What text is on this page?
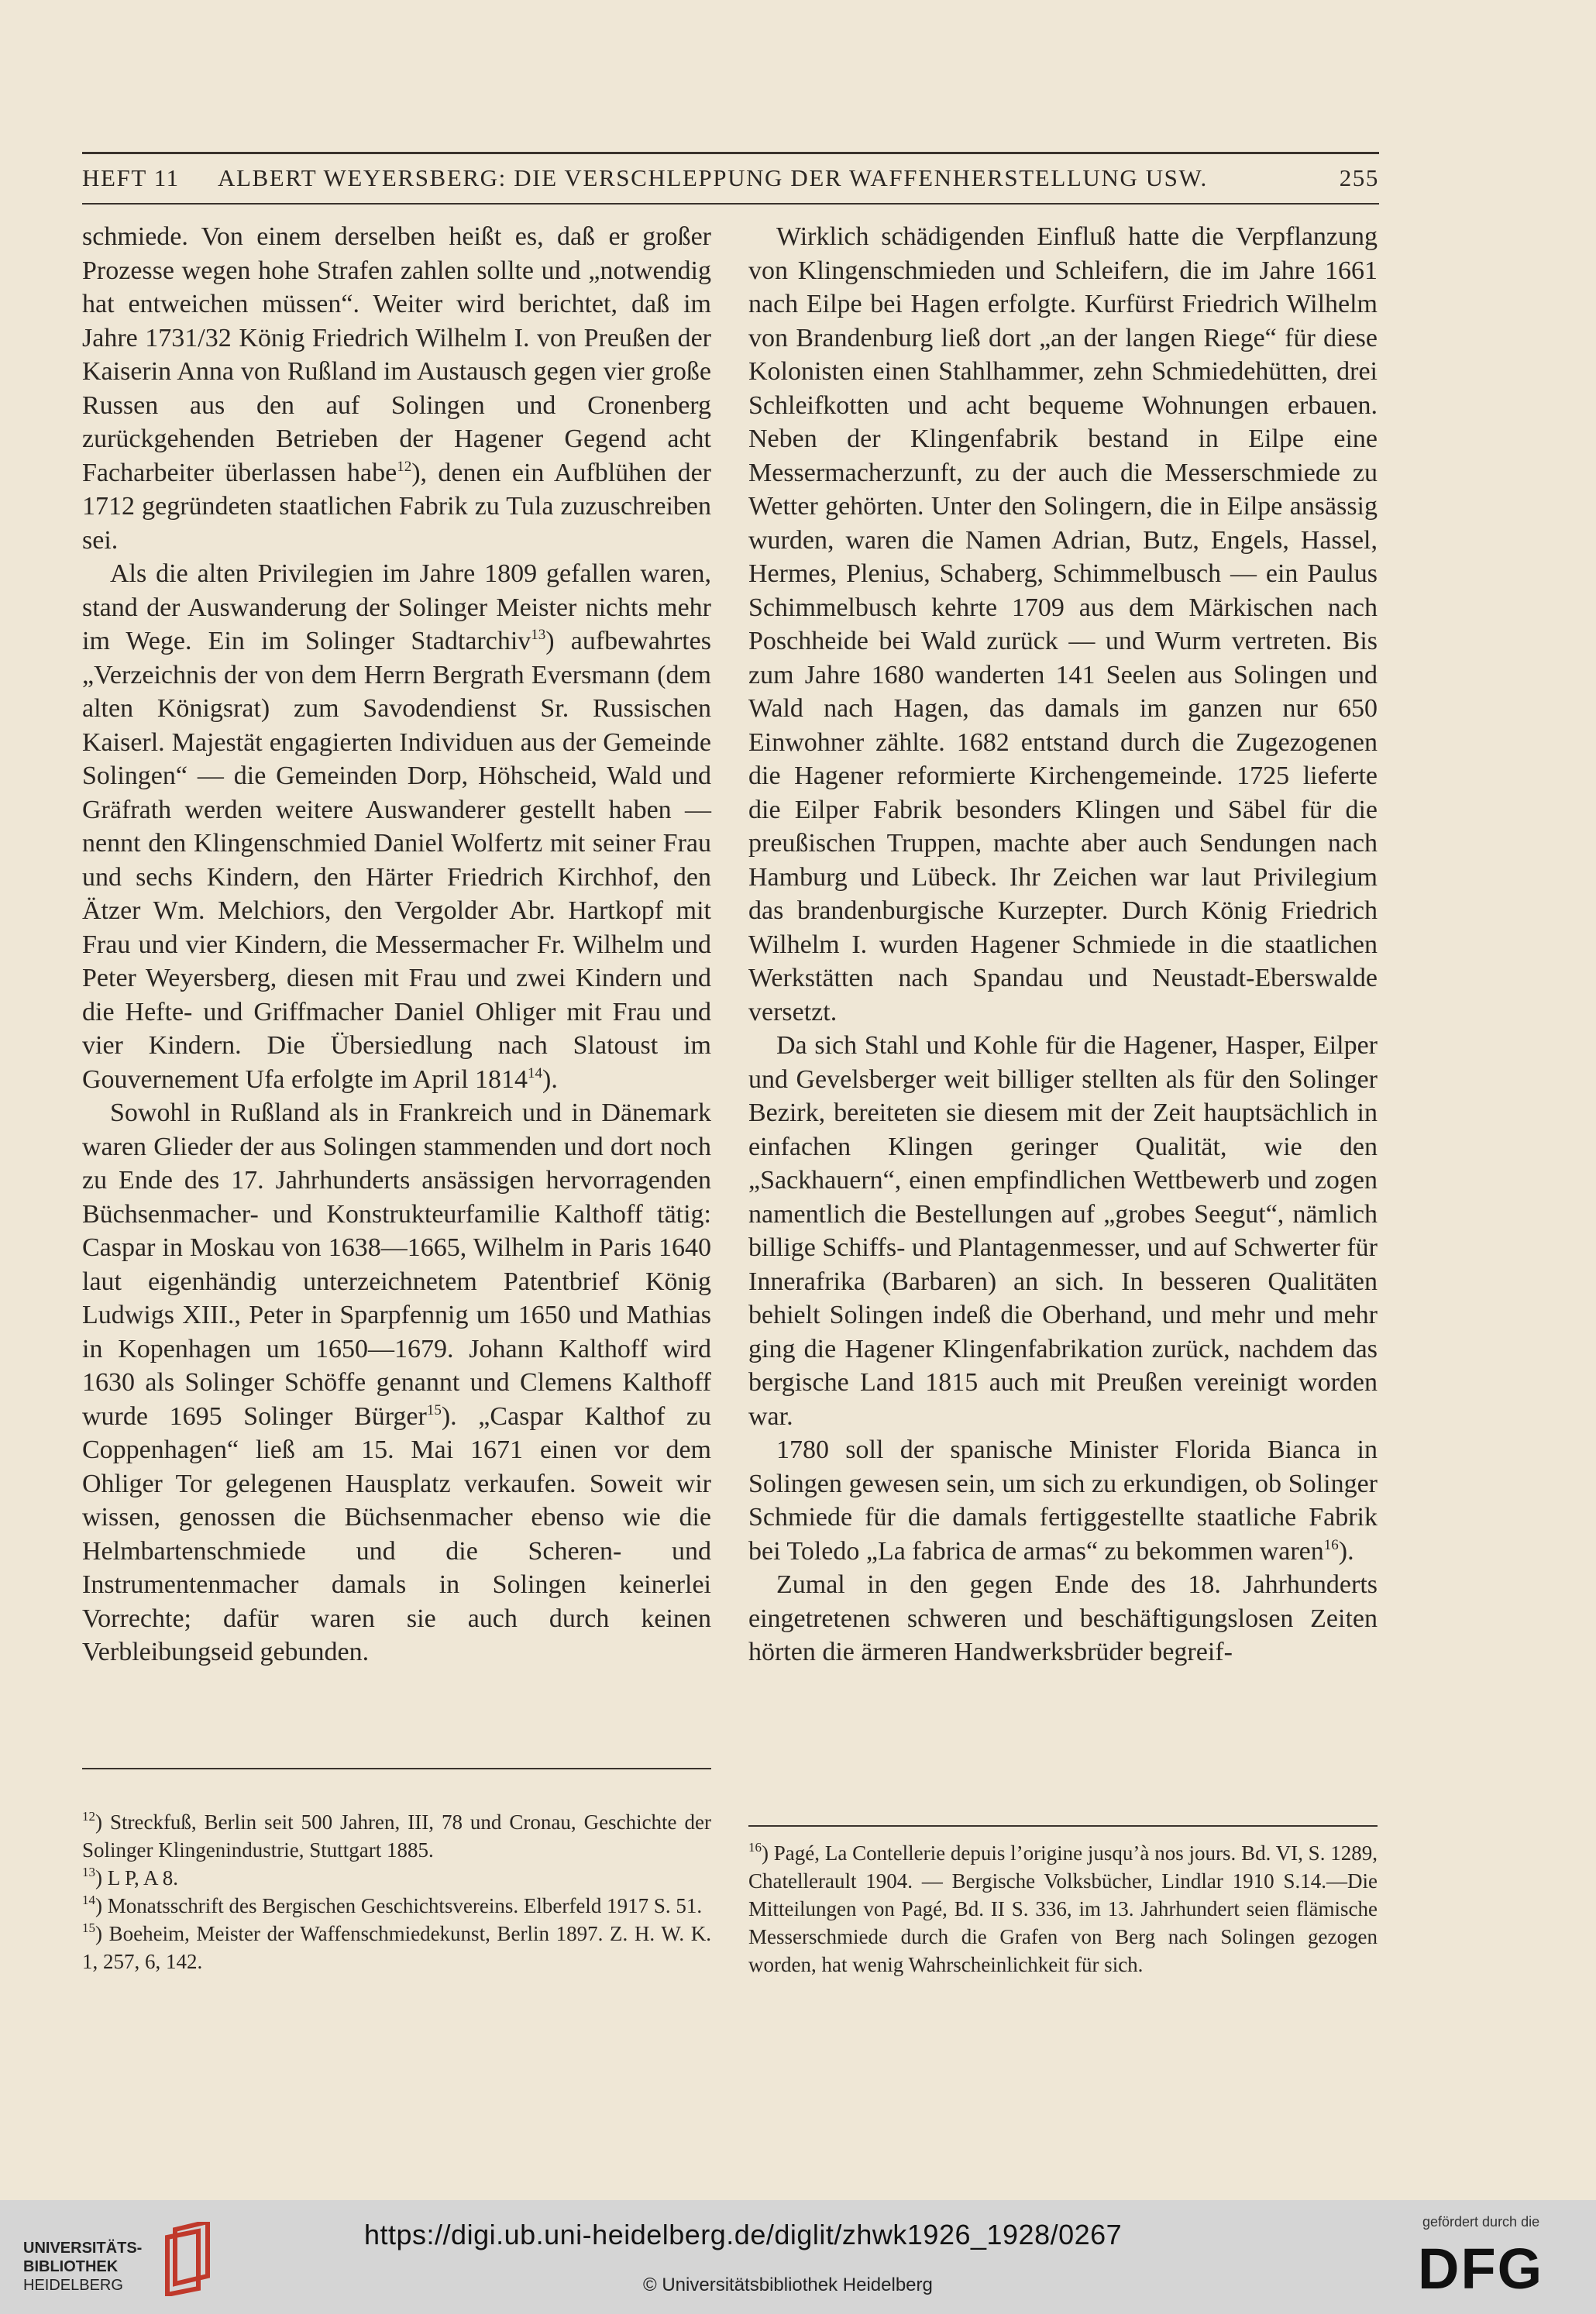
HEFT 11 ALBERT WEYERSBERG: DIE VERSCHLEPPUNG DER WAFFENHERSTELLUNG USW.	255

schmiede. Von einem derselben heißt es, daß er großer Prozesse wegen hohe Strafen zahlen sollte und „notwendig hat entweichen müssen“. Weiter wird berichtet, daß im Jahre 1731/32 König Friedrich Wilhelm I. von Preußen der Kaiserin Anna von Rußland im Austausch gegen vier große Russen aus den auf Solingen und Cronenberg zurückgehenden Betrieben der Hagener Gegend acht Facharbeiter überlassen habe$^{12}$), denen ein Aufblühen der 1712 gegründeten staatlichen Fabrik zu Tula zuzuschreiben sei.

Als die alten Privilegien im Jahre 1809 gefallen waren, stand der Auswanderung der Solinger Meister nichts mehr im Wege. Ein im Solinger Stadtarchiv$^{13}$) aufbewahrtes „Verzeichnis der von dem Herrn Bergrath Eversmann (dem alten Königsrat) zum Savodendienst Sr. Russischen Kaiserl. Majestät engagierten Individuen aus der Gemeinde Solingen“ — die Gemeinden Dorp, Höhscheid, Wald und Gräfrath werden weitere Auswanderer gestellt haben — nennt den Klingenschmied Daniel Wolfertz mit seiner Frau und sechs Kindern, den Härter Friedrich Kirchhof, den Ätzer Wm. Melchiors, den Vergolder Abr. Hartkopf mit Frau und vier Kindern, die Messermacher Fr. Wilhelm und Peter Weyersberg, diesen mit Frau und zwei Kindern und die Hefte- und Griffmacher Daniel Ohliger mit Frau und vier Kindern. Die Übersiedlung nach Slatoust im Gouvernement Ufa erfolgte im April 1814$^{14}$).

Sowohl in Rußland als in Frankreich und in Dänemark waren Glieder der aus Solingen stammenden und dort noch zu Ende des 17. Jahrhunderts ansässigen hervorragenden Büchsenmacher- und Konstrukteurfamilie Kalthoff tätig: Caspar in Moskau von 1638—1665, Wilhelm in Paris 1640 laut eigenhändig unterzeichnetem Patentbrief König Ludwigs XIII., Peter in Sparpfennig um 1650 und Mathias in Kopenhagen um 1650—1679. Johann Kalthoff wird 1630 als Solinger Schöffe genannt und Clemens Kalthoff wurde 1695 Solinger Bürger$^{15}$). „Caspar Kalthof zu Coppenhagen“ ließ am 15. Mai 1671 einen vor dem Ohliger Tor gelegenen Hausplatz verkaufen. Soweit wir wissen, genossen die Büchsenmacher ebenso wie die Helmbartenschmiede und die Scheren- und Instrumentenmacher damals in Solingen keinerlei Vorrechte; dafür waren sie auch durch keinen Verbleibungseid gebunden.

Wirklich schädigenden Einfluß hatte die Verpflanzung von Klingenschmieden und Schleifern, die im Jahre 1661 nach Eilpe bei Hagen erfolgte. Kurfürst Friedrich Wilhelm von Brandenburg ließ dort „an der langen Riege“ für diese Kolonisten einen Stahlhammer, zehn Schmiedehütten, drei Schleifkotten und acht bequeme Wohnungen erbauen. Neben der Klingenfabrik bestand in Eilpe eine Messermacherzunft, zu der auch die Messerschmiede zu Wetter gehörten. Unter den Solingern, die in Eilpe ansässig wurden, waren die Namen Adrian, Butz, Engels, Hassel, Hermes, Plenius, Schaberg, Schimmelbusch — ein Paulus Schimmelbusch kehrte 1709 aus dem Märkischen nach Poschheide bei Wald zurück — und Wurm vertreten. Bis zum Jahre 1680 wanderten 141 Seelen aus Solingen und Wald nach Hagen, das damals im ganzen nur 650 Einwohner zählte. 1682 entstand durch die Zugezogenen die Hagener reformierte Kirchengemeinde. 1725 lieferte die Eilper Fabrik besonders Klingen und Säbel für die preußischen Truppen, machte aber auch Sendungen nach Hamburg und Lübeck. Ihr Zeichen war laut Privilegium das brandenburgische Kurzepter. Durch König Friedrich Wilhelm I. wurden Hagener Schmiede in die staatlichen Werkstätten nach Spandau und Neustadt-Eberswalde versetzt.

Da sich Stahl und Kohle für die Hagener, Hasper, Eilper und Gevelsberger weit billiger stellten als für den Solinger Bezirk, bereiteten sie diesem mit der Zeit hauptsächlich in einfachen Klingen geringer Qualität, wie den „Sackhauern“, einen empfindlichen Wettbewerb und zogen namentlich die Bestellungen auf „grobes Seegut“, nämlich billige Schiffs- und Plantagenmesser, und auf Schwerter für Innerafrika (Barbaren) an sich. In besseren Qualitäten behielt Solingen indeß die Oberhand, und mehr und mehr ging die Hagener Klingenfabrikation zurück, nachdem das bergische Land 1815 auch mit Preußen vereinigt worden war.

1780 soll der spanische Minister Florida Bianca in Solingen gewesen sein, um sich zu erkundigen, ob Solinger Schmiede für die damals fertiggestellte staatliche Fabrik bei Toledo „La fabrica de armas“ zu bekommen waren$^{16}$).

Zumal in den gegen Ende des 18. Jahrhunderts eingetretenen schweren und beschäftigungslosen Zeiten hörten die ärmeren Handwerksbrüder begreif-

$^{12}$) Streckfuß, Berlin seit 500 Jahren, III, 78 und Cronau, Geschichte der Solinger Klingenindustrie, Stuttgart 1885.

$^{13}$) L P, A 8.

$^{14}$) Monatsschrift des Bergischen Geschichtsvereins. Elberfeld 1917 S. 51.

$^{15}$) Boeheim, Meister der Waffenschmiedekunst, Berlin 1897. Z. H. W. K. 1, 257, 6, 142.

$^{16}$) Pagé, La Contellerie depuis l’origine jusqu’à nos jours. Bd. VI, S. 1289, Chatellerault 1904. — Bergische Volksbücher, Lindlar 1910 S.14.—Die Mitteilungen von Pagé, Bd. II S. 336, im 13. Jahrhundert seien flämische Messerschmiede durch die Grafen von Berg nach Solingen gezogen worden, hat wenig Wahrscheinlichkeit für sich.

UNIVERSITÄTS-
BIBLIOTHEK
HEIDELBERG
https://digi.ub.uni-heidelberg.de/diglit/zhwk1926_1928/0267
© Universitätsbibliothek Heidelberg
gefördert durch die
DFG
